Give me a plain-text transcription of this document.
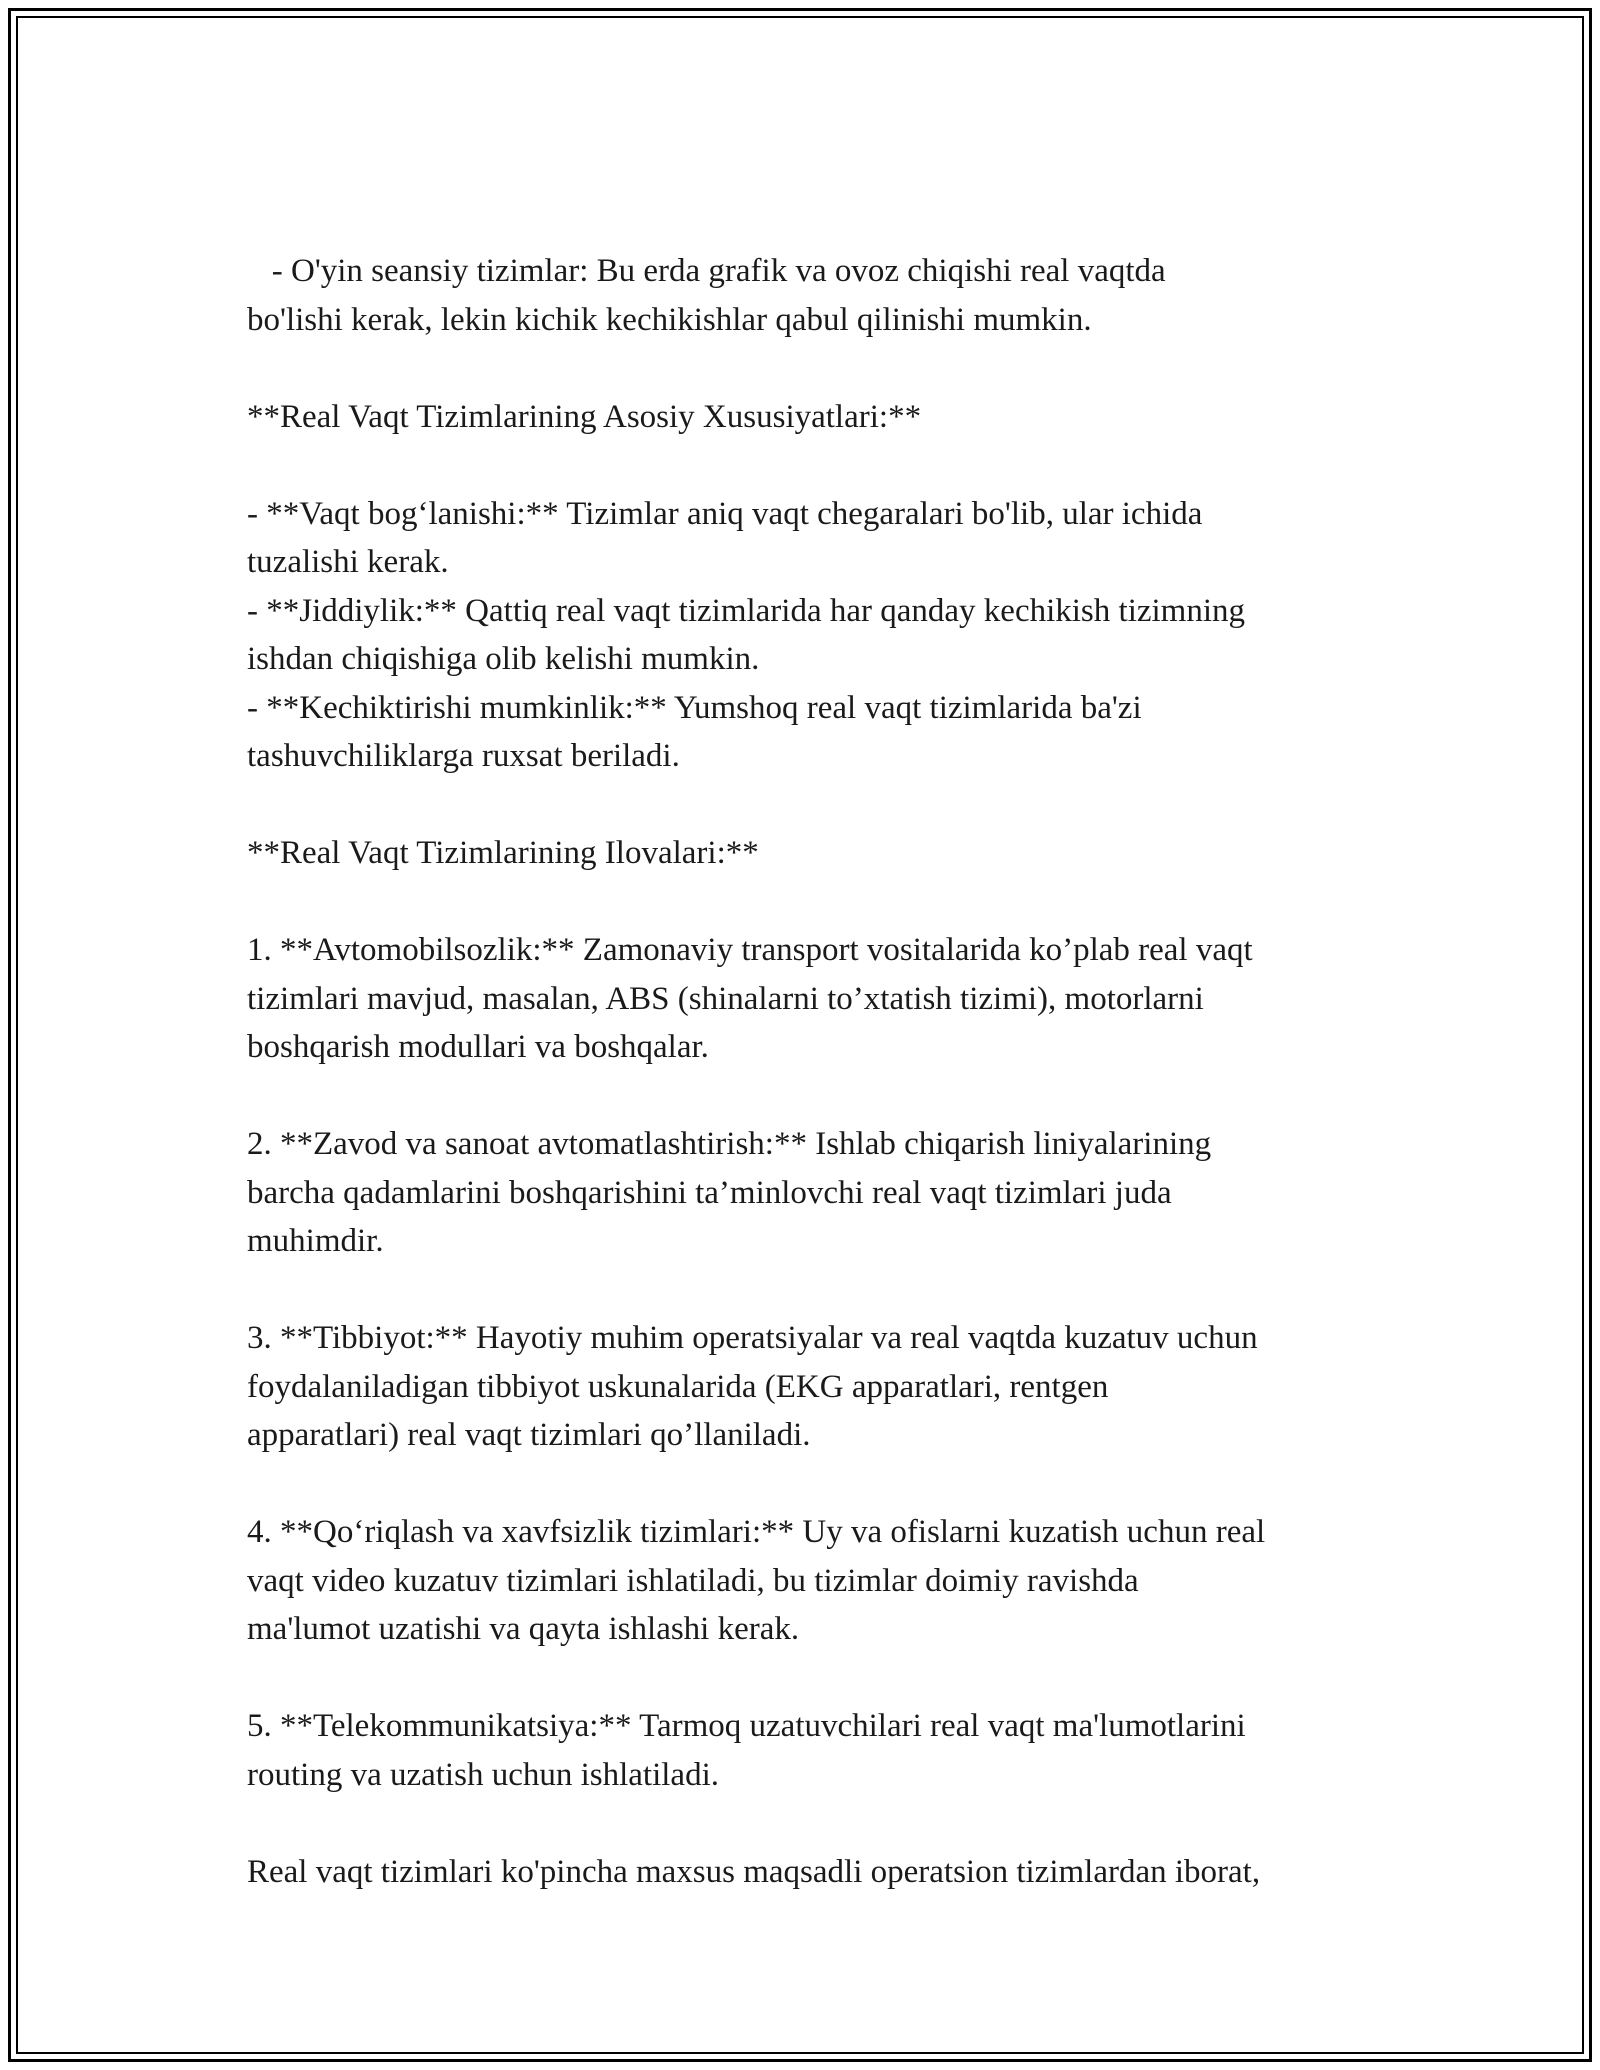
- O'yin seansiy tizimlar: Bu erda grafik va ovoz chiqishi real vaqtda
bo'lishi kerak, lekin kichik kechikishlar qabul qilinishi mumkin.
**Real Vaqt Tizimlarining Asosiy Xususiyatlari:**
- **Vaqt bog‘lanishi:** Tizimlar aniq vaqt chegaralari bo'lib, ular ichida
tuzalishi kerak.
- **Jiddiylik:** Qattiq real vaqt tizimlarida har qanday kechikish tizimning
ishdan chiqishiga olib kelishi mumkin.
- **Kechiktirishi mumkinlik:** Yumshoq real vaqt tizimlarida ba'zi
tashuvchiliklarga ruxsat beriladi.
**Real Vaqt Tizimlarining Ilovalari:**
1. **Avtomobilsozlik:** Zamonaviy transport vositalarida ko’plab real vaqt
tizimlari mavjud, masalan, ABS (shinalarni to’xtatish tizimi), motorlarni
boshqarish modullari va boshqalar.
2. **Zavod va sanoat avtomatlashtirish:** Ishlab chiqarish liniyalarining
barcha qadamlarini boshqarishini ta’minlovchi real vaqt tizimlari juda
muhimdir.
3. **Tibbiyot:** Hayotiy muhim operatsiyalar va real vaqtda kuzatuv uchun
foydalaniladigan tibbiyot uskunalarida (EKG apparatlari, rentgen
apparatlari) real vaqt tizimlari qo’llaniladi.
4. **Qo‘riqlash va xavfsizlik tizimlari:** Uy va ofislarni kuzatish uchun real
vaqt video kuzatuv tizimlari ishlatiladi, bu tizimlar doimiy ravishda
ma'lumot uzatishi va qayta ishlashi kerak.
5. **Telekommunikatsiya:** Tarmoq uzatuvchilari real vaqt ma'lumotlarini
routing va uzatish uchun ishlatiladi.
Real vaqt tizimlari ko'pincha maxsus maqsadli operatsion tizimlardan iborat,
